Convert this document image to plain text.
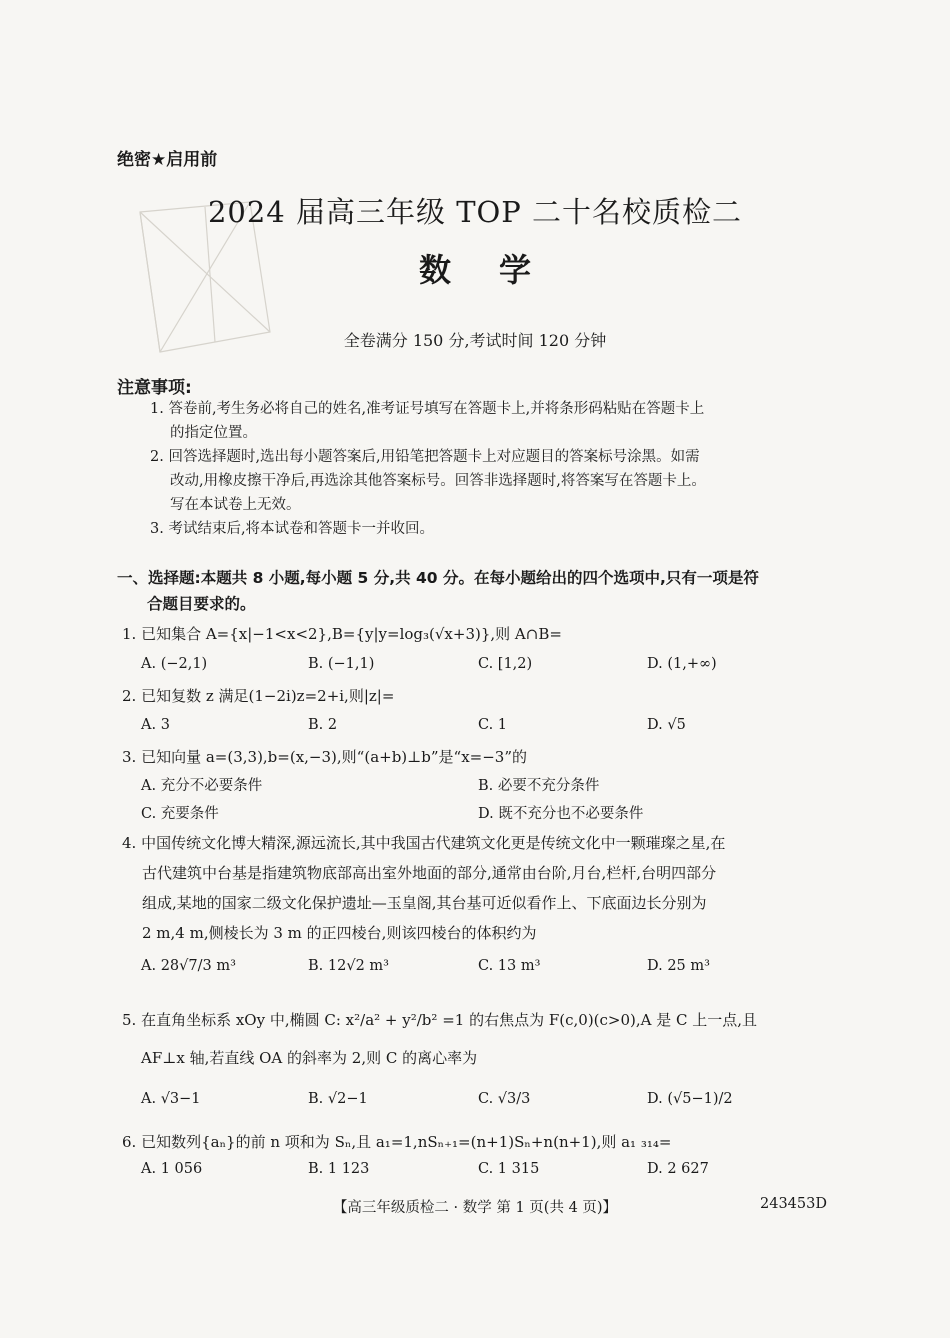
绝密★启用前
2024 届高三年级 TOP 二十名校质检二
数学
全卷满分 150 分,考试时间 120 分钟
注意事项:
1. 答卷前,考生务必将自己的姓名,准考证号填写在答题卡上,并将条形码粘贴在答题卡上
的指定位置。
2. 回答选择题时,选出每小题答案后,用铅笔把答题卡上对应题目的答案标号涂黑。如需
改动,用橡皮擦干净后,再选涂其他答案标号。回答非选择题时,将答案写在答题卡上。
写在本试卷上无效。
3. 考试结束后,将本试卷和答题卡一并收回。
一、选择题:本题共 8 小题,每小题 5 分,共 40 分。在每小题给出的四个选项中,只有一项是符
合题目要求的。
1. 已知集合 A={x|−1<x<2},B={y|y=log₃(√x+3)},则 A∩B=
A. (−2,1)	B. (−1,1)	C. [1,2)	D. (1,+∞)
2. 已知复数 z 满足(1−2i)z=2+i,则|z|=
A. 3	B. 2	C. 1	D. √5
3. 已知向量 a=(3,3),b=(x,−3),则“(a+b)⊥b”是“x=−3”的
A. 充分不必要条件	B. 必要不充分条件
C. 充要条件	D. 既不充分也不必要条件
4. 中国传统文化博大精深,源远流长,其中我国古代建筑文化更是传统文化中一颗璀璨之星,在
古代建筑中台基是指建筑物底部高出室外地面的部分,通常由台阶,月台,栏杆,台明四部分
组成,某地的国家二级文化保护遗址—玉皇阁,其台基可近似看作上、下底面边长分别为
2 m,4 m,侧棱长为 3 m 的正四棱台,则该四棱台的体积约为
A. 28√7/3 m³	B. 12√2 m³	C. 13 m³	D. 25 m³
5. 在直角坐标系 xOy 中,椭圆 C: x²/a² + y²/b² =1 的右焦点为 F(c,0)(c>0),A 是 C 上一点,且
AF⊥x 轴,若直线 OA 的斜率为 2,则 C 的离心率为
A. √3−1	B. √2−1	C. √3/3	D. (√5−1)/2
6. 已知数列{aₙ}的前 n 项和为 Sₙ,且 a₁=1,nSₙ₊₁=(n+1)Sₙ+n(n+1),则 a₁ ₃₁₄=
A. 1 056	B. 1 123	C. 1 315	D. 2 627
【高三年级质检二 · 数学 第 1 页(共 4 页)】	243453D
